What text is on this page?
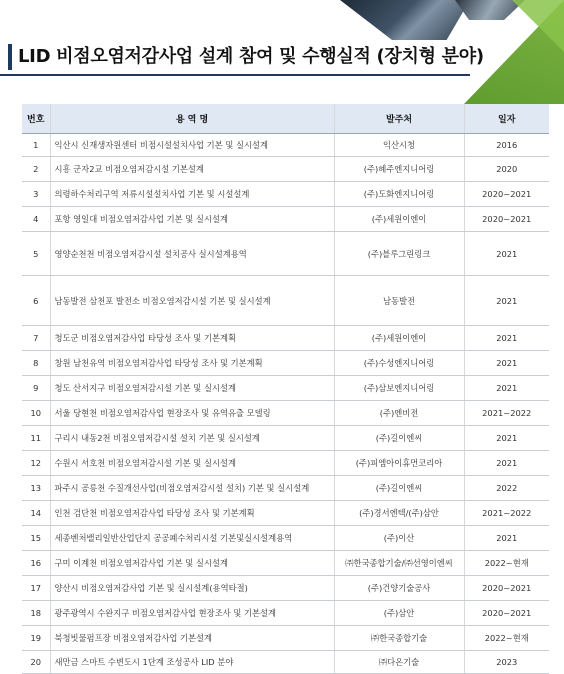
LID 비점오염저감사업 설계 참여 및 수행실적 (장치형 분야)
번호	용 역 명	발주처	일자
1	익산시 신재생자원센터 비점시설설치사업 기본 및 실시설계	익산시청	2016
2	시흥 군자2교 비점오염저감시설 기본설계	(주)혜주엔지니어링	2020
3	의령하수처리구역 저류시설설치사업 기본 및 시설설계	(주)도화엔지니어링	2020~2021
4	포항 영일대 비점오염저감사업 기본 및 실시설계	(주)세원이엔이	2020~2021
5	영양순천천 비점오염저감시설 설치공사 실시설계용역	(주)블루그린링크	2021
6	남동발전 삼천포 발전소 비점오염저감시설 기본 및 실시설계	남동발전	2021
7	청도군 비점오염저감사업 타당성 조사 및 기본계획	(주)세원이엔이	2021
8	창원 남천유역 비점오염저감사업 타당성 조사 및 기본계획	(주)수성엔지니어링	2021
9	청도 산서지구 비점오염저감시설 기본 및 실시설계	(주)삼보엔지니어링	2021
10	서울 당현천 비점오염저감사업 현장조사 및 유역유출 모델링	(주)엔비전	2021~2022
11	구리시 내동2천 비점오염저감시설 설치 기본 및 실시설계	(주)길이엔씨	2021
12	수원시 서호천 비점오염저감시설 기본 및 실시설계	(주)피엠아이휴먼코리아	2021
13	파주시 공릉천 수질개선사업(비점오염저감시설 설치) 기본 및 실시설계	(주)길이엔씨	2022
14	인천 검단천 비점오염저감사업 타당성 조사 및 기본계획	(주)경서엔텍/(주)삼안	2021~2022
15	세종벤처밸리일반산업단지 공공폐수처리시설 기본및실시설계용역	(주)이산	2021
16	구미 이계천 비점오염저감사업 기본 및 실시설계	㈜한국종합기술/㈜선영이엔씨	2022~현재
17	양산시 비점오염저감사업 기본 및 실시설계(용역타절)	(주)건양기술공사	2020~2021
18	광주광역시 수완지구 비점오염저감사업 현장조사 및 기본설계	(주)삼안	2020~2021
19	북청빗물펌프장 비점오염저감사업 기본설계	㈜한국종합기술	2022~현재
20	새만금 스마트 수변도시 1단계 조성공사 LID 분야	㈜다온기술	2023
